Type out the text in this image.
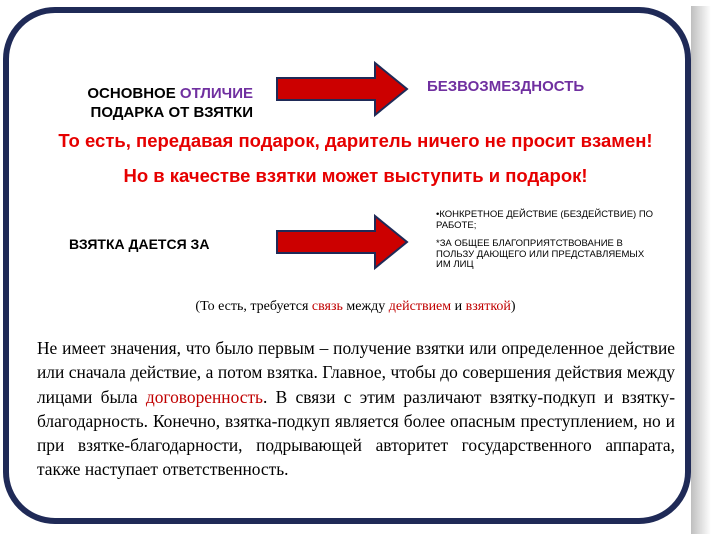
ОСНОВНОЕ ОТЛИЧИЕ
ПОДАРКА ОТ ВЗЯТКИ
БЕЗВОЗМЕЗДНОСТЬ
То есть, передавая подарок, даритель ничего не просит взамен!
Но в качестве взятки может выступить и подарок!
ВЗЯТКА ДАЕТСЯ ЗА
•КОНКРЕТНОЕ ДЕЙСТВИЕ (БЕЗДЕЙСТВИЕ) ПО РАБОТЕ;
*ЗА ОБЩЕЕ БЛАГОПРИЯТСТВОВАНИЕ В ПОЛЬЗУ ДАЮЩЕГО ИЛИ ПРЕДСТАВЛЯЕМЫХ ИМ ЛИЦ
(То есть, требуется связь между действием и взяткой)
Не имеет значения, что было первым – получение взятки или определенное действие или сначала действие, а потом взятка. Главное, чтобы до совершения действия между лицами была договоренность. В связи с этим различают взятку-подкуп и взятку-благодарность. Конечно, взятка-подкуп является более опасным преступлением, но и при взятке-благодарности, подрывающей авторитет государственного аппарата, также наступает ответственность.
